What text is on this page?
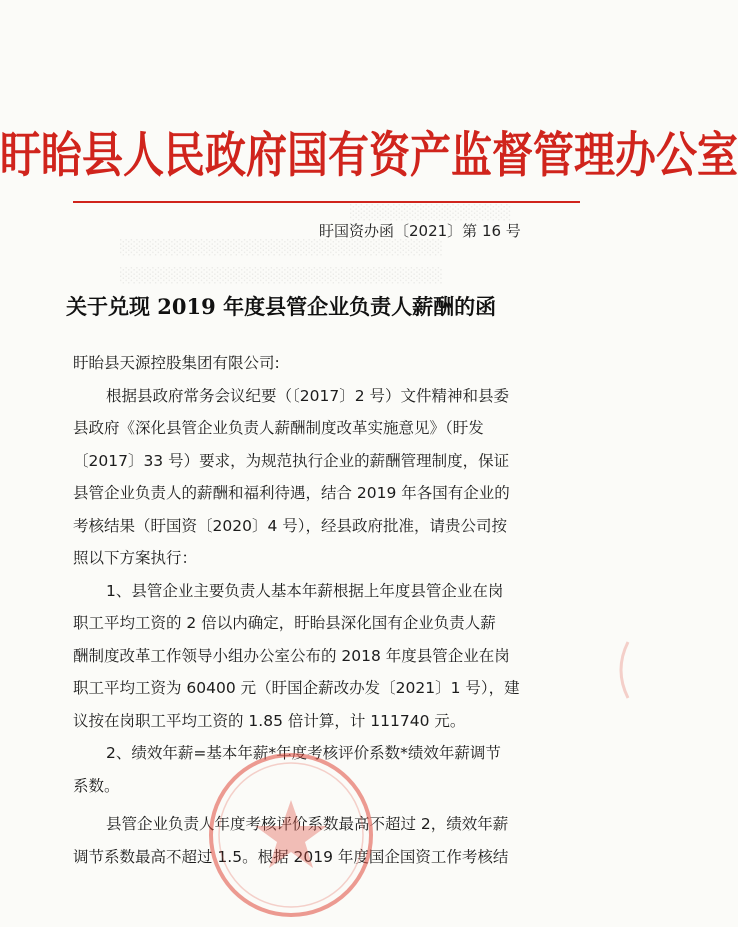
░░░░░░░░░░░░░░░
░░░░░░░░░░░░░░░░░░░░░░░░░░░░░░
░░░░░░░░░░░░░░░░░░░░░░░░░░░░░░
盱眙县人民政府国有资产监督管理办公室
盱国资办函〔2021〕第 16 号
关于兑现 2019 年度县管企业负责人薪酬的函

盱眙县天源控股集团有限公司:

根据县政府常务会议纪要（〔2017〕2 号）文件精神和县委

县政府《深化县管企业负责人薪酬制度改革实施意见》（盱发

〔2017〕33 号）要求，为规范执行企业的薪酬管理制度，保证

县管企业负责人的薪酬和福利待遇，结合 2019 年各国有企业的

考核结果（盱国资〔2020〕4 号），经县政府批准，请贵公司按

照以下方案执行：

1、县管企业主要负责人基本年薪根据上年度县管企业在岗

职工平均工资的 2 倍以内确定，盱眙县深化国有企业负责人薪

酬制度改革工作领导小组办公室公布的 2018 年度县管企业在岗

职工平均工资为 60400 元（盱国企薪改办发〔2021〕1 号），建

议按在岗职工平均工资的 1.85 倍计算，计 111740 元。

2、绩效年薪=基本年薪*年度考核评价系数*绩效年薪调节

系数。

县管企业负责人年度考核评价系数最高不超过 2，绩效年薪

调节系数最高不超过 1.5。根据 2019 年度国企国资工作考核结
